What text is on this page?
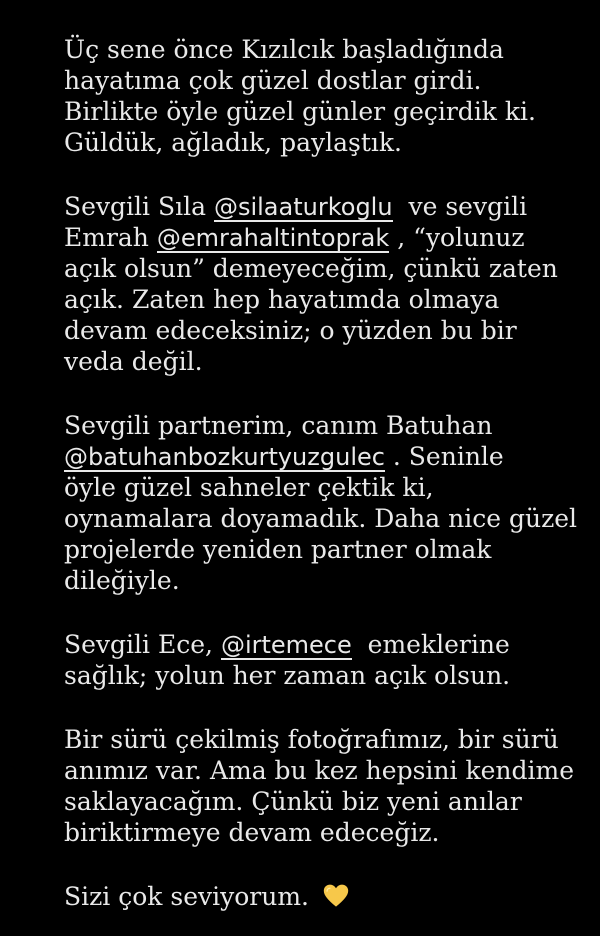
Üç sene önce Kızılcık başladığında
hayatıma çok güzel dostlar girdi.
Birlikte öyle güzel günler geçirdik ki.
Güldük, ağladık, paylaştık.
Sevgili Sıla @silaaturkoglu ve sevgili
Emrah @emrahaltintoprak , “yolunuz
açık olsun” demeyeceğim, çünkü zaten
açık. Zaten hep hayatımda olmaya
devam edeceksiniz; o yüzden bu bir
veda değil.
Sevgili partnerim, canım Batuhan
@batuhanbozkurtyuzgulec . Seninle
öyle güzel sahneler çektik ki,
oynamalara doyamadık. Daha nice güzel
projelerde yeniden partner olmak
dileğiyle.
Sevgili Ece, @irtemece emeklerine
sağlık; yolun her zaman açık olsun.
Bir sürü çekilmiş fotoğrafımız, bir sürü
anımız var. Ama bu kez hepsini kendime
saklayacağım. Çünkü biz yeni anılar
biriktirmeye devam edeceğiz.
Sizi çok seviyorum.
